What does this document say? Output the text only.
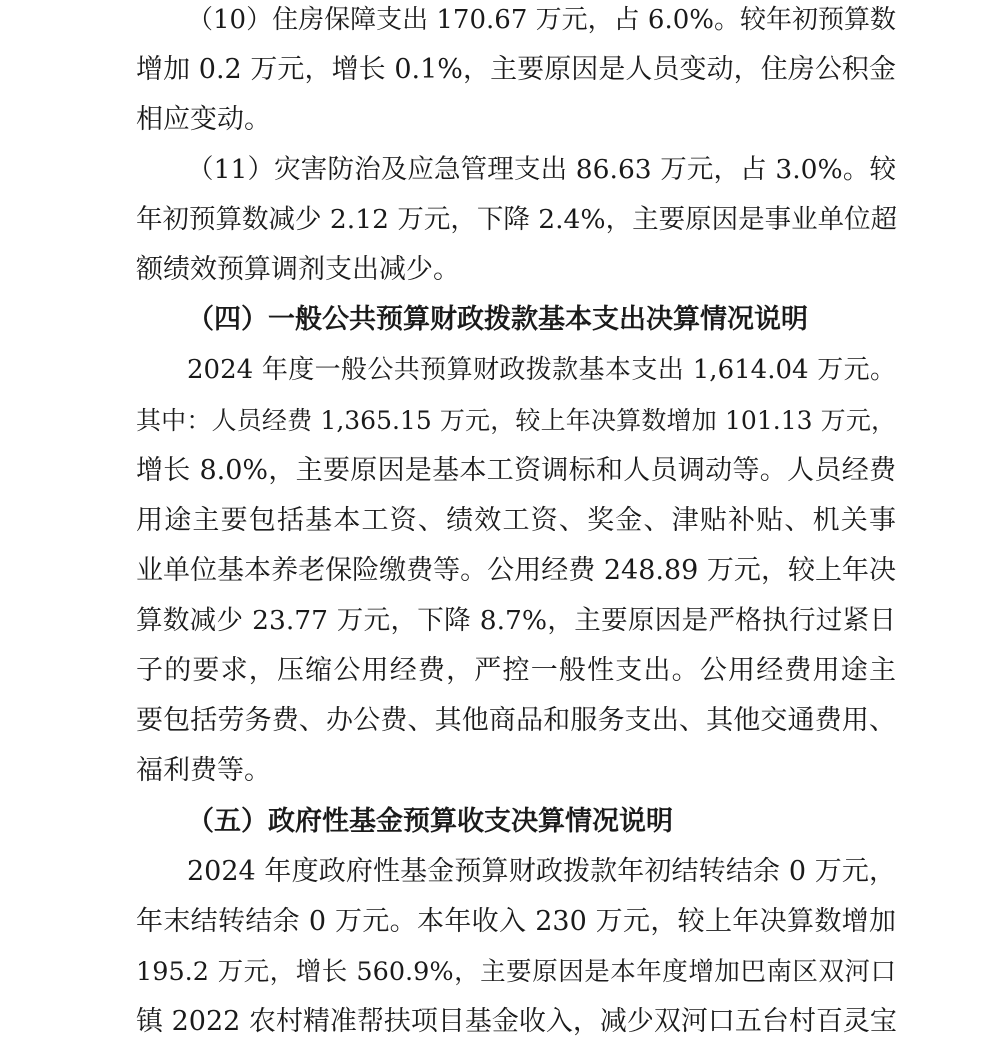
（10）住房保障支出 170.67 万元，占 6.0%。较年初预算数
增加 0.2 万元，增长 0.1%，主要原因是人员变动，住房公积金
相应变动。
（11）灾害防治及应急管理支出 86.63 万元，占 3.0%。较
年初预算数减少 2.12 万元，下降 2.4%，主要原因是事业单位超
额绩效预算调剂支出减少。
（四）一般公共预算财政拨款基本支出决算情况说明
2024 年度一般公共预算财政拨款基本支出 1,614.04 万元。
其中：人员经费 1,365.15 万元，较上年决算数增加 101.13 万元，
增长 8.0%，主要原因是基本工资调标和人员调动等。人员经费
用途主要包括基本工资、绩效工资、奖金、津贴补贴、机关事
业单位基本养老保险缴费等。公用经费 248.89 万元，较上年决
算数减少 23.77 万元，下降 8.7%，主要原因是严格执行过紧日
子的要求，压缩公用经费，严控一般性支出。公用经费用途主
要包括劳务费、办公费、其他商品和服务支出、其他交通费用、
福利费等。
（五）政府性基金预算收支决算情况说明
2024 年度政府性基金预算财政拨款年初结转结余 0 万元，
年末结转结余 0 万元。本年收入 230 万元，较上年决算数增加
195.2 万元，增长 560.9%，主要原因是本年度增加巴南区双河口
镇 2022 农村精准帮扶项目基金收入，减少双河口五台村百灵宝
